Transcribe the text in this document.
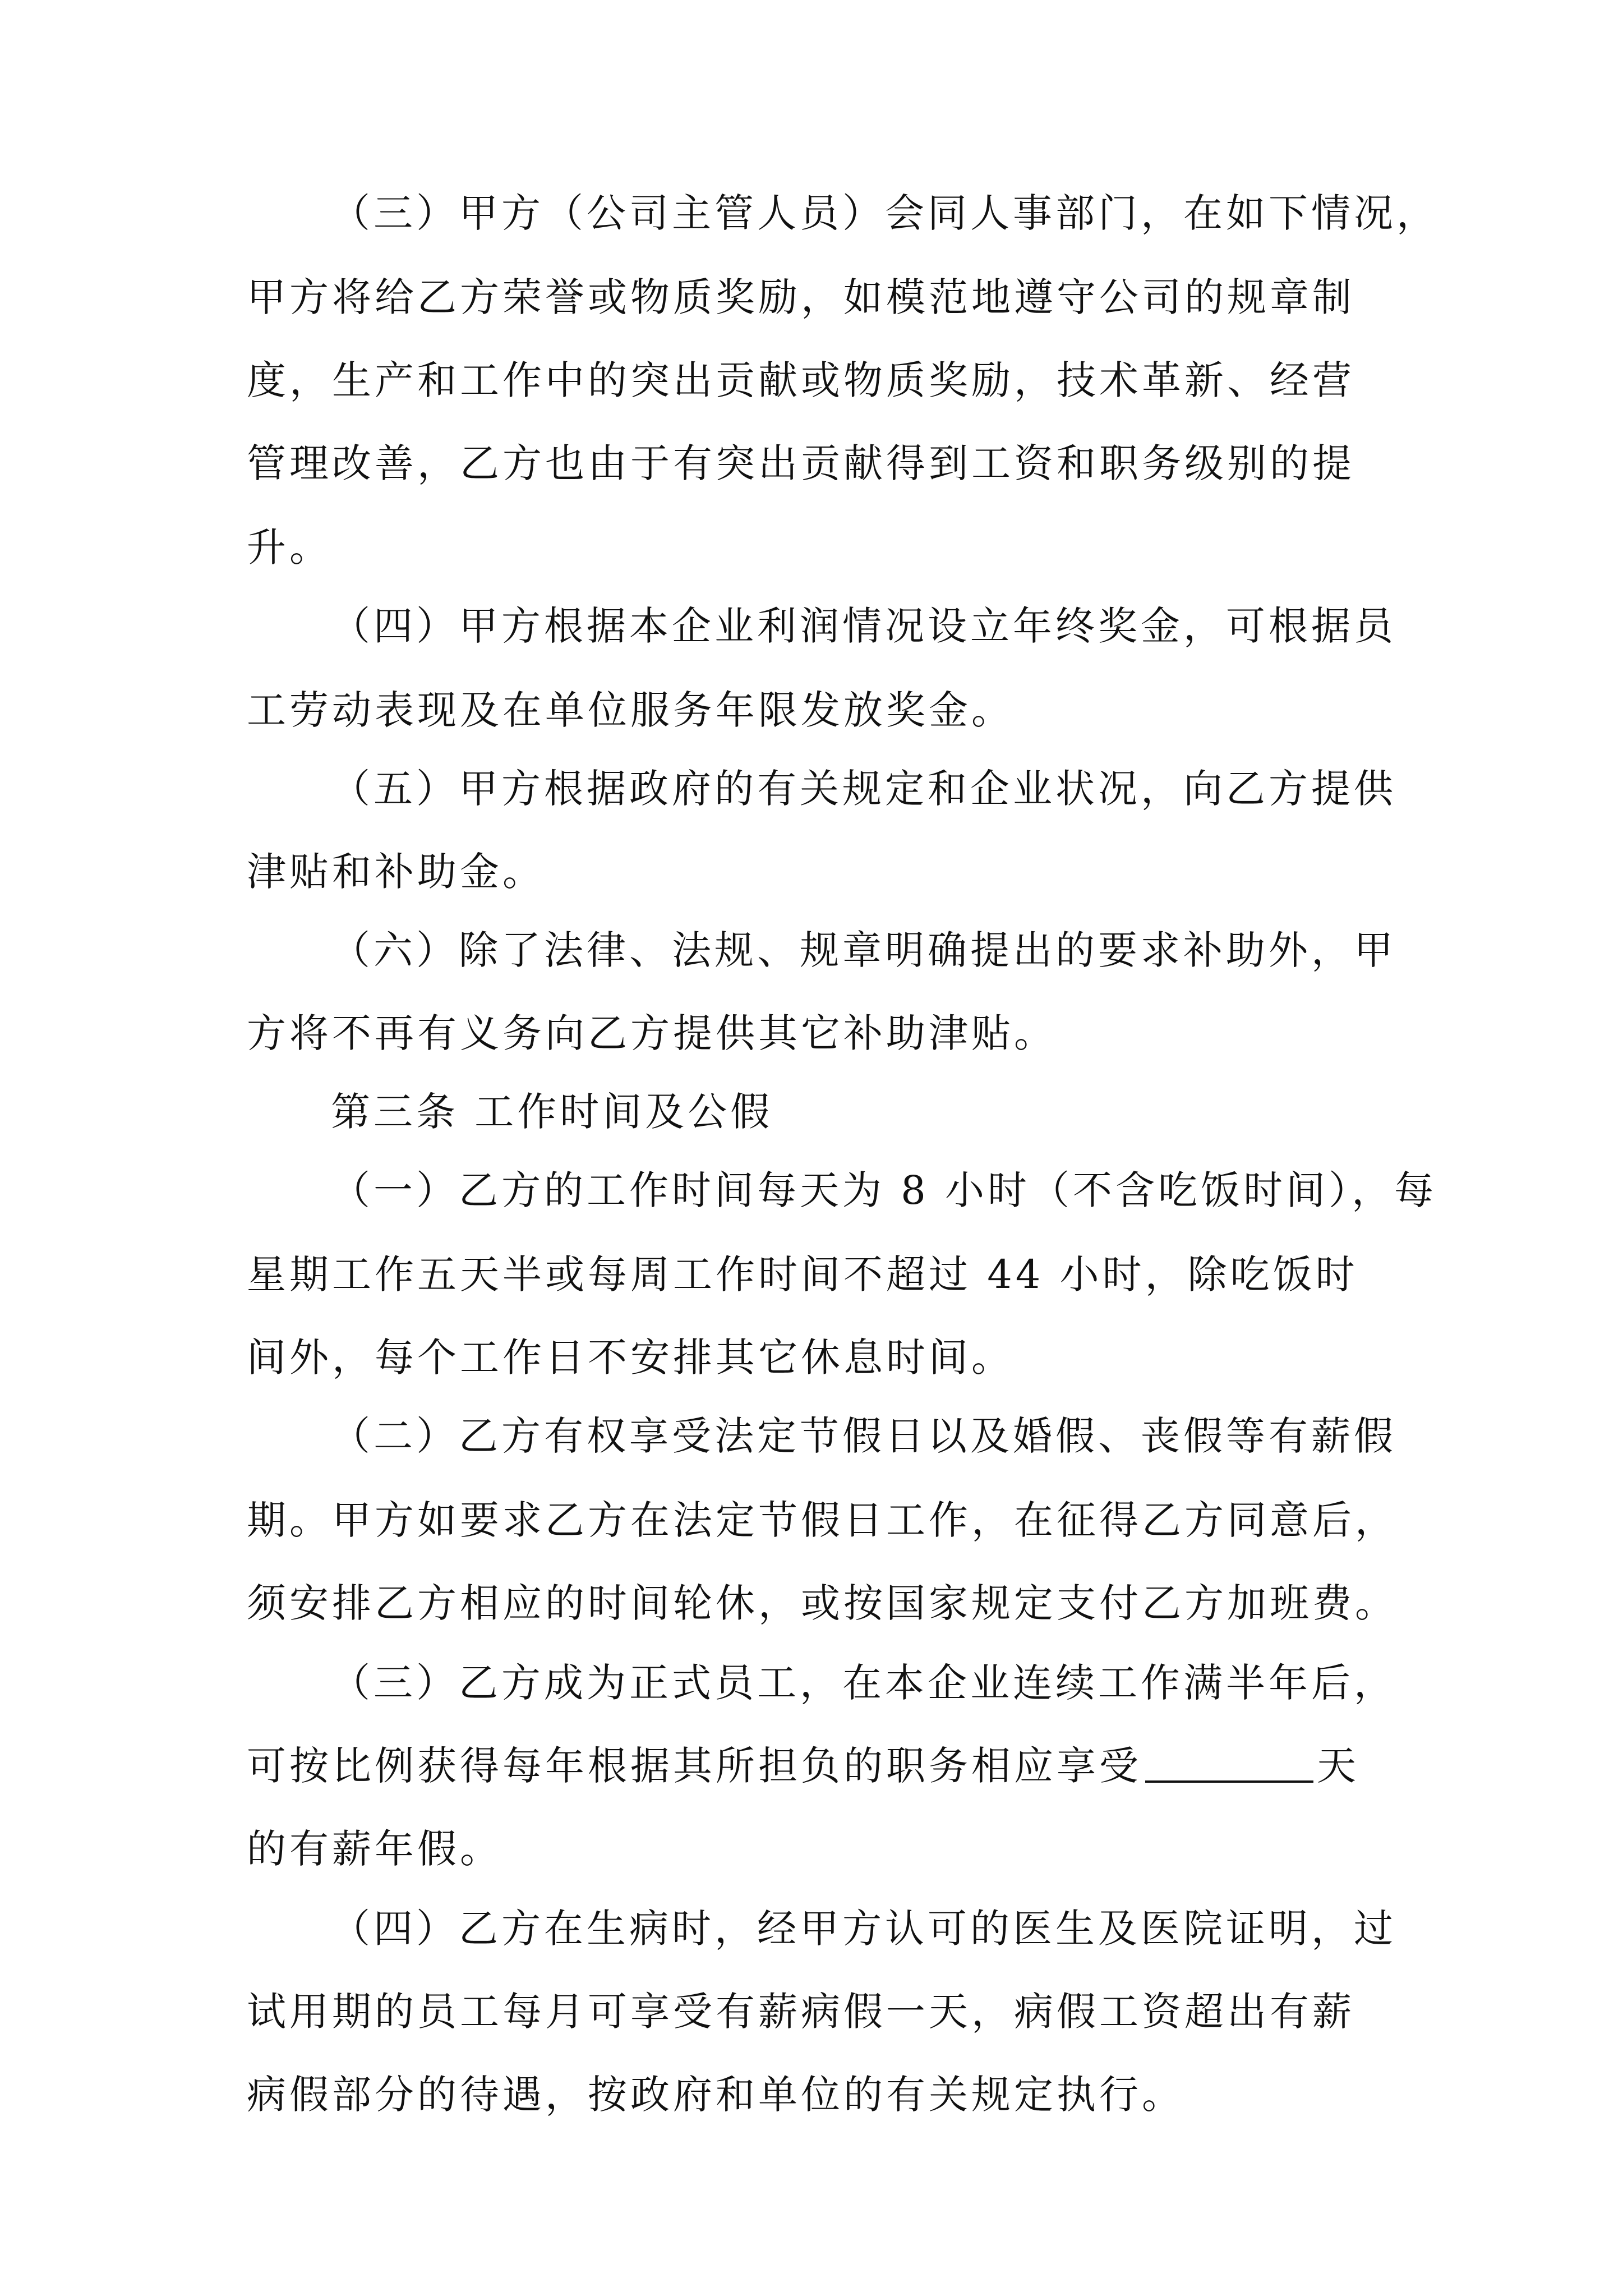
（三）甲方（公司主管人员）会同人事部门，在如下情况，
甲方将给乙方荣誉或物质奖励，如模范地遵守公司的规章制
度，生产和工作中的突出贡献或物质奖励，技术革新、经营
管理改善，乙方也由于有突出贡献得到工资和职务级别的提
升。
（四）甲方根据本企业利润情况设立年终奖金，可根据员
工劳动表现及在单位服务年限发放奖金。
（五）甲方根据政府的有关规定和企业状况，向乙方提供
津贴和补助金。
（六）除了法律、法规、规章明确提出的要求补助外，甲
方将不再有义务向乙方提供其它补助津贴。
第三条 工作时间及公假
（一）乙方的工作时间每天为 8 小时（不含吃饭时间），每
星期工作五天半或每周工作时间不超过 44 小时，除吃饭时
间外，每个工作日不安排其它休息时间。
（二）乙方有权享受法定节假日以及婚假、丧假等有薪假
期。甲方如要求乙方在法定节假日工作，在征得乙方同意后，
须安排乙方相应的时间轮休，或按国家规定支付乙方加班费。
（三）乙方成为正式员工，在本企业连续工作满半年后，
可按比例获得每年根据其所担负的职务相应享受	天
的有薪年假。
（四）乙方在生病时，经甲方认可的医生及医院证明，过
试用期的员工每月可享受有薪病假一天，病假工资超出有薪
病假部分的待遇，按政府和单位的有关规定执行。
